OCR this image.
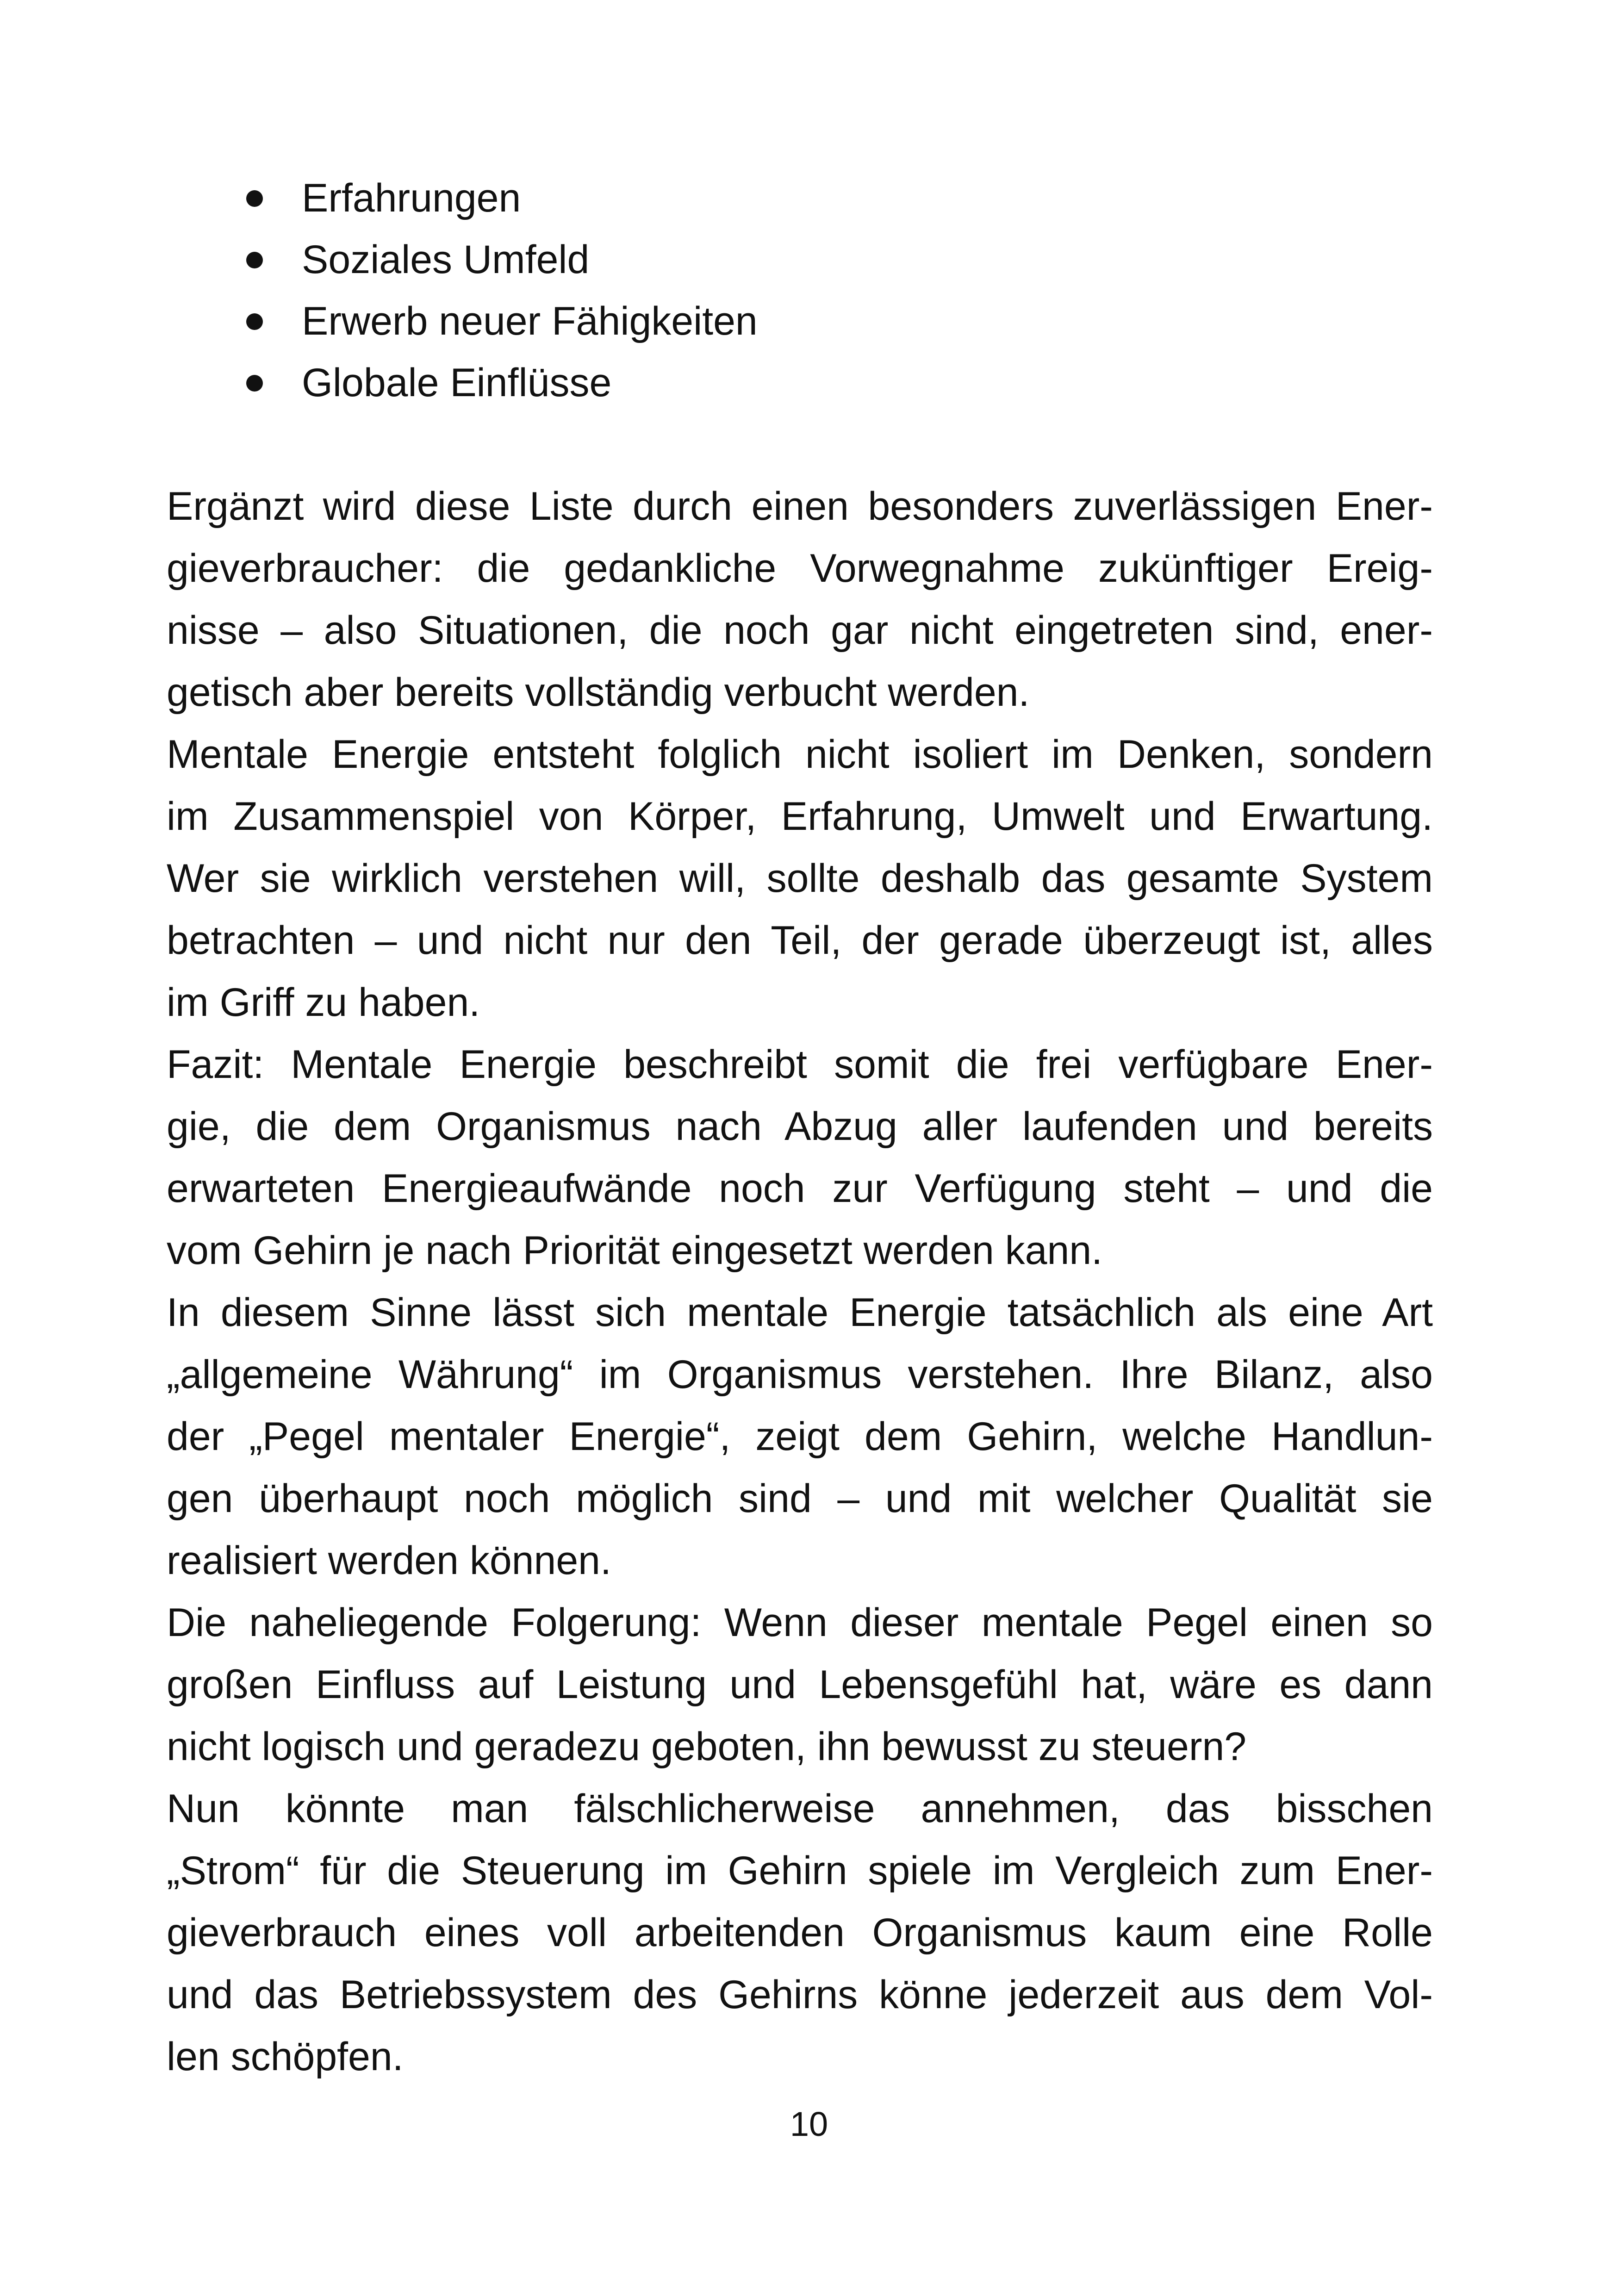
Erfahrungen
Soziales Umfeld
Erwerb neuer Fähigkeiten
Globale Einflüsse

Ergänzt wird diese Liste durch einen besonders zuverlässigen Ener-
gieverbraucher: die gedankliche Vorwegnahme zukünftiger Ereig-
nisse – also Situationen, die noch gar nicht eingetreten sind, ener-
getisch aber bereits vollständig verbucht werden.

Mentale Energie entsteht folglich nicht isoliert im Denken, sondern
im Zusammenspiel von Körper, Erfahrung, Umwelt und Erwartung.
Wer sie wirklich verstehen will, sollte deshalb das gesamte System
betrachten – und nicht nur den Teil, der gerade überzeugt ist, alles
im Griff zu haben.

Fazit: Mentale Energie beschreibt somit die frei verfügbare Ener-
gie, die dem Organismus nach Abzug aller laufenden und bereits
erwarteten Energieaufwände noch zur Verfügung steht – und die
vom Gehirn je nach Priorität eingesetzt werden kann.

In diesem Sinne lässt sich mentale Energie tatsächlich als eine Art
„allgemeine Währung“ im Organismus verstehen. Ihre Bilanz, also
der „Pegel mentaler Energie“, zeigt dem Gehirn, welche Handlun-
gen überhaupt noch möglich sind – und mit welcher Qualität sie
realisiert werden können.

Die naheliegende Folgerung: Wenn dieser mentale Pegel einen so
großen Einfluss auf Leistung und Lebensgefühl hat, wäre es dann
nicht logisch und geradezu geboten, ihn bewusst zu steuern?

Nun könnte man fälschlicherweise annehmen, das bisschen
„Strom“ für die Steuerung im Gehirn spiele im Vergleich zum Ener-
gieverbrauch eines voll arbeitenden Organismus kaum eine Rolle
und das Betriebssystem des Gehirns könne jederzeit aus dem Vol-
len schöpfen.

10
